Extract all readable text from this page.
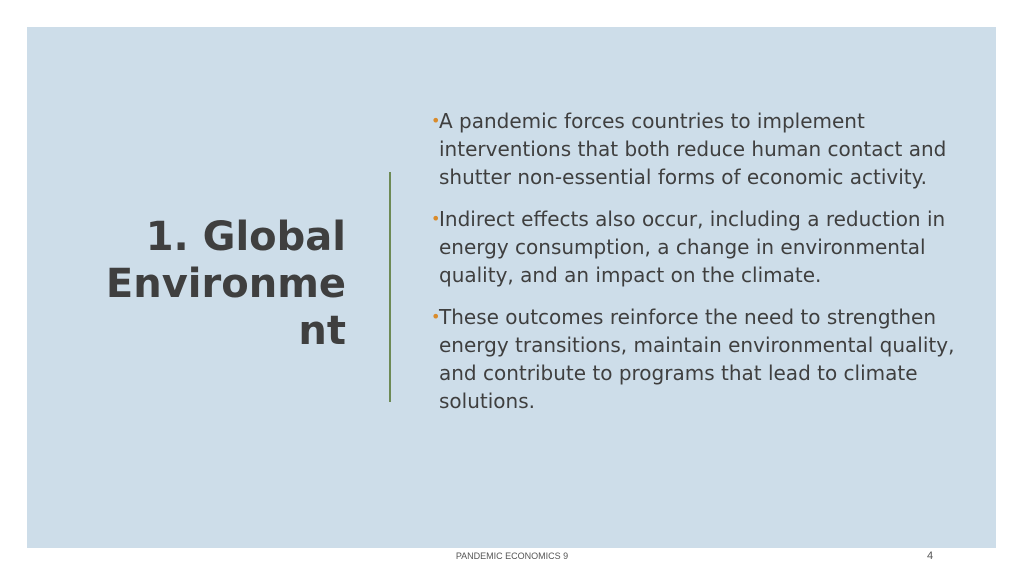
1. Global
Environme
nt
•
A pandemic forces countries to implement interventions that both reduce human contact and shutter non-essential forms of economic activity.
•
Indirect effects also occur, including a reduction in energy consumption, a change in environmental quality, and an impact on the climate.
•
These outcomes reinforce the need to strengthen energy transitions, maintain environmental quality, and contribute to programs that lead to climate solutions.
PANDEMIC ECONOMICS 9	4
